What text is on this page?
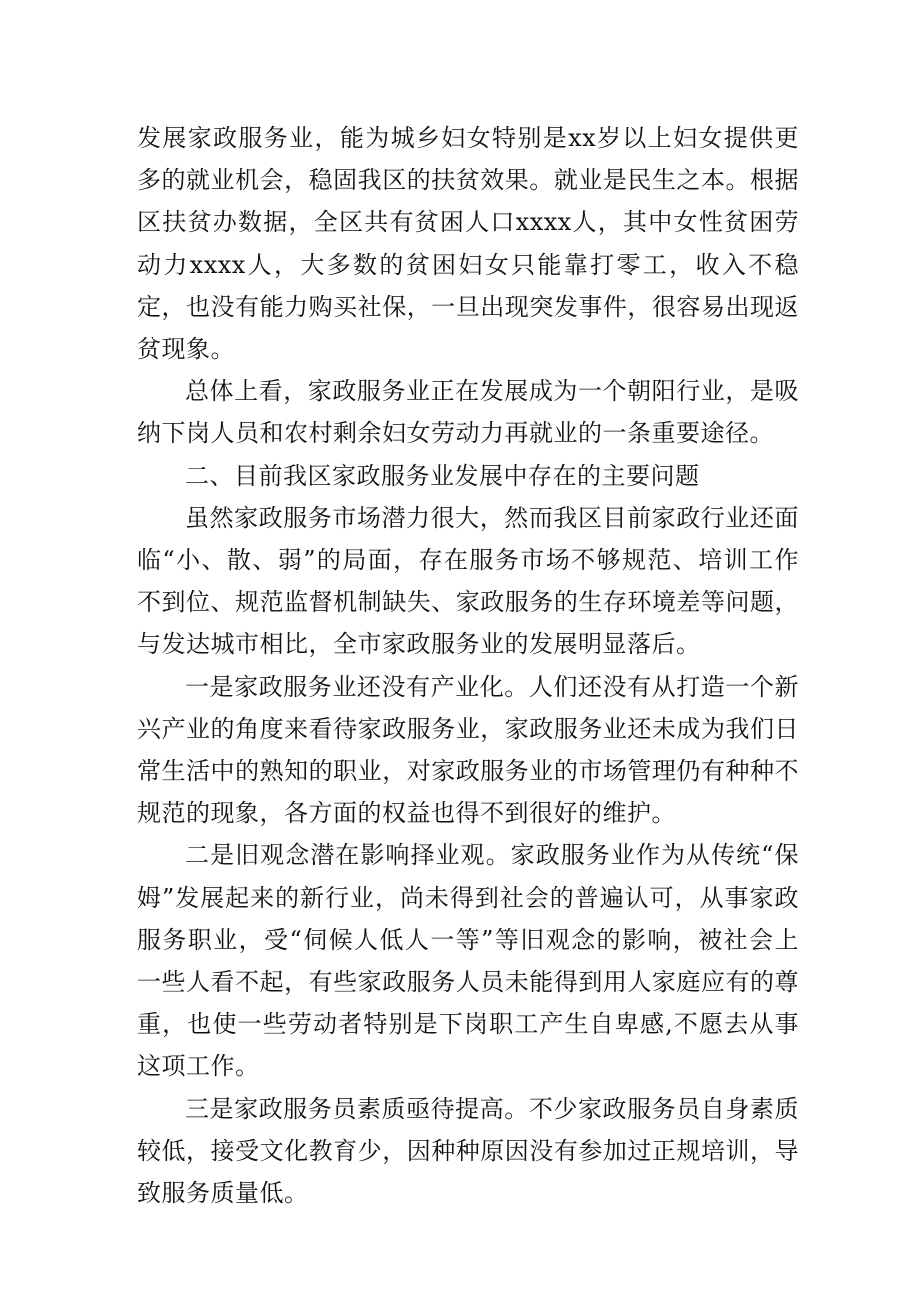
发展家政服务业，能为城乡妇女特别是xx岁以上妇女提供更多的就业机会，稳固我区的扶贫效果。就业是民生之本。根据区扶贫办数据，全区共有贫困人口xxxx人，其中女性贫困劳动力xxxx人，大多数的贫困妇女只能靠打零工，收入不稳定，也没有能力购买社保，一旦出现突发事件，很容易出现返贫现象。

总体上看，家政服务业正在发展成为一个朝阳行业，是吸纳下岗人员和农村剩余妇女劳动力再就业的一条重要途径。

二、目前我区家政服务业发展中存在的主要问题

虽然家政服务市场潜力很大，然而我区目前家政行业还面临“小、散、弱”的局面，存在服务市场不够规范、培训工作不到位、规范监督机制缺失、家政服务的生存环境差等问题，与发达城市相比，全市家政服务业的发展明显落后。

一是家政服务业还没有产业化。人们还没有从打造一个新兴产业的角度来看待家政服务业，家政服务业还未成为我们日常生活中的熟知的职业，对家政服务业的市场管理仍有种种不规范的现象，各方面的权益也得不到很好的维护。

二是旧观念潜在影响择业观。家政服务业作为从传统“保姆”发展起来的新行业，尚未得到社会的普遍认可，从事家政服务职业，受“伺候人低人一等”等旧观念的影响，被社会上一些人看不起，有些家政服务人员未能得到用人家庭应有的尊重，也使一些劳动者特别是下岗职工产生自卑感,不愿去从事这项工作。

三是家政服务员素质亟待提高。不少家政服务员自身素质较低，接受文化教育少，因种种原因没有参加过正规培训，导致服务质量低。
